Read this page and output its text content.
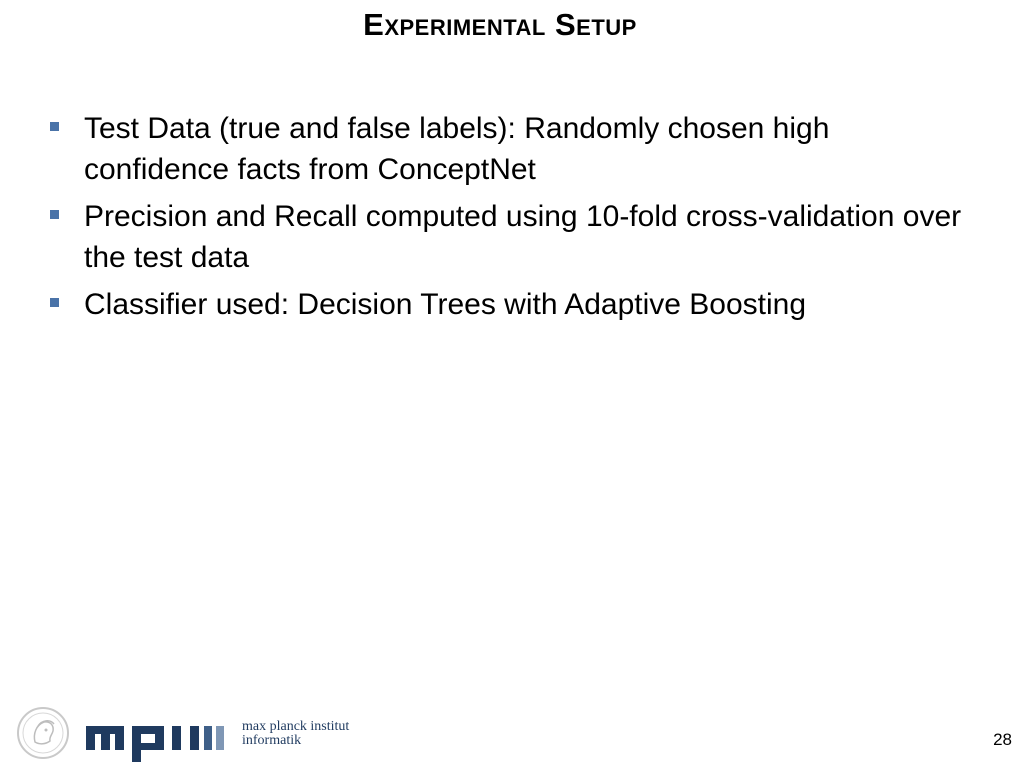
Experimental Setup
Test Data (true and false labels): Randomly chosen high confidence facts from ConceptNet
Precision and Recall computed using 10-fold cross-validation over the test data
Classifier used: Decision Trees with Adaptive Boosting
max planck institut
informatik	28
